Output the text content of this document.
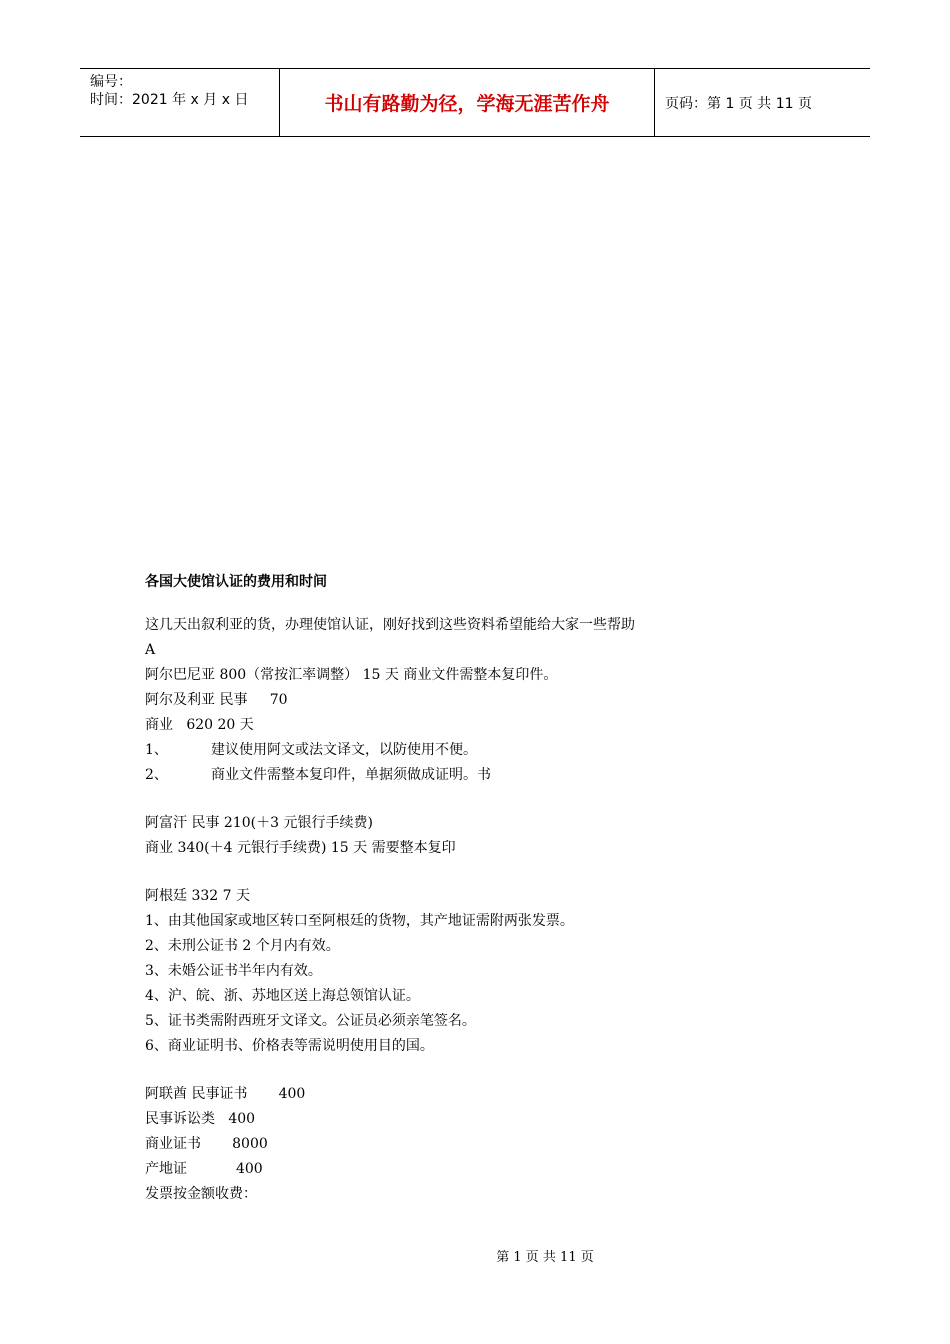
编号：
时间：2021 年 x 月 x 日	书山有路勤为径，学海无涯苦作舟	页码：第 1 页 共 11 页
各国大使馆认证的费用和时间
这几天出叙利亚的货，办理使馆认证，刚好找到这些资料希望能给大家一些帮助
A
阿尔巴尼亚 800（常按汇率调整） 15 天 商业文件需整本复印件。
阿尔及利亚 民事     70
商业   620 20 天
1、	建议使用阿文或法文译文，以防使用不便。
2、	商业文件需整本复印件，单据须做成证明。书
阿富汗 民事 210(＋3 元银行手续费)
商业 340(＋4 元银行手续费) 15 天 需要整本复印
阿根廷 332 7 天
1、由其他国家或地区转口至阿根廷的货物，其产地证需附两张发票。
2、未刑公证书 2 个月内有效。
3、未婚公证书半年内有效。
4、沪、皖、浙、苏地区送上海总领馆认证。
5、证书类需附西班牙文译文。公证员必须亲笔签名。
6、商业证明书、价格表等需说明使用目的国。
阿联酋 民事证书       400
民事诉讼类   400
商业证书       8000
产地证           400
发票按金额收费：
第 1 页 共 11 页
